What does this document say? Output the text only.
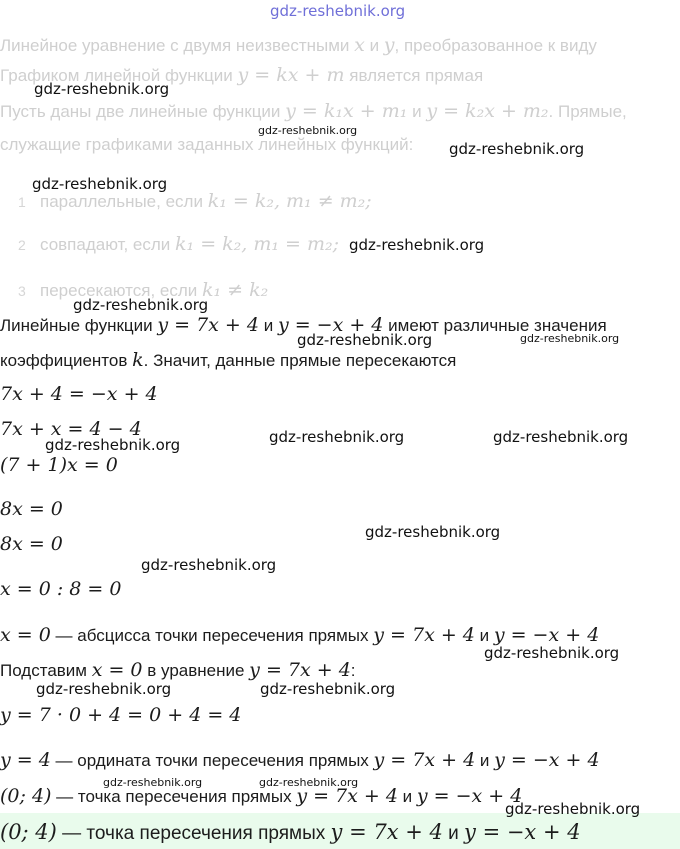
Линейное уравнение с двумя неизвестными x и y, преобразованное к виду
Графиком линейной функции y = kx + m является прямая
Пусть даны две линейные функции y = k₁x + m₁ и y = k₂x + m₂. Прямые,
служащие графиками заданных линейных функций:
1 параллельные, если k₁ = k₂, m₁ ≠ m₂;
2 совпадают, если k₁ = k₂, m₁ = m₂;
3 пересекаются, если k₁ ≠ k₂
Линейные функции y = 7x + 4 и y = −x + 4 имеют различные значения
коэффициентов k. Значит, данные прямые пересекаются
7x + 4 = −x + 4
7x + x = 4 − 4
(7 + 1)x = 0
8x = 0
8x = 0
x = 0 : 8 = 0
x = 0 — абсцисса точки пересечения прямых y = 7x + 4 и y = −x + 4
Подставим x = 0 в уравнение y = 7x + 4:
y = 7 · 0 + 4 = 0 + 4 = 4
y = 4 — ордината точки пересечения прямых y = 7x + 4 и y = −x + 4
(0; 4) — точка пересечения прямых y = 7x + 4 и y = −x + 4
(0; 4) — точка пересечения прямых y = 7x + 4 и y = −x + 4
gdz-reshebnik.org
gdz-reshebnik.org
gdz-reshebnik.org
gdz-reshebnik.org
gdz-reshebnik.org
gdz-reshebnik.org
gdz-reshebnik.org
gdz-reshebnik.org	gdz-reshebnik.org
gdz-reshebnik.org	gdz-reshebnik.org	gdz-reshebnik.org
gdz-reshebnik.org
gdz-reshebnik.org
gdz-reshebnik.org
gdz-reshebnik.org	gdz-reshebnik.org
gdz-reshebnik.org	gdz-reshebnik.org
gdz-reshebnik.org
